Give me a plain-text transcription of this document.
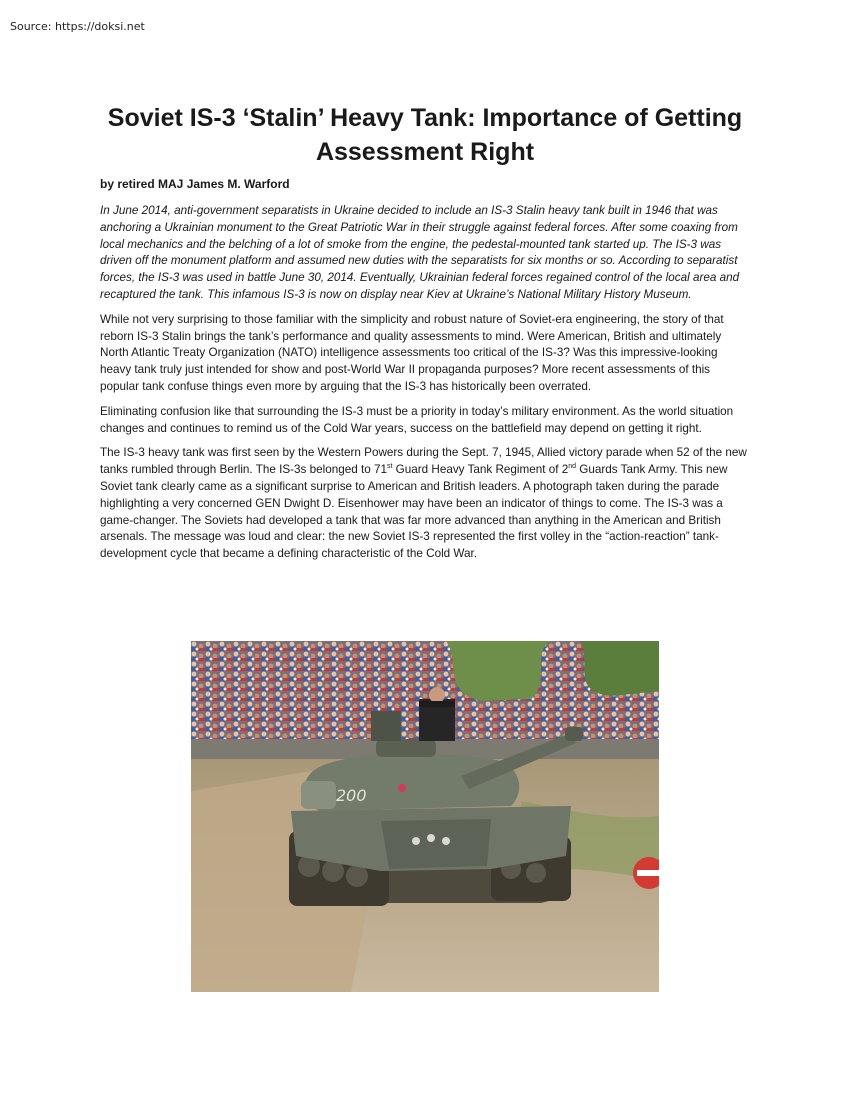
Source: https://doksi.net
Soviet IS-3 ‘Stalin’ Heavy Tank: Importance of Getting Assessment Right
by retired MAJ James M. Warford

In June 2014, anti-government separatists in Ukraine decided to include an IS-3 Stalin heavy tank built in 1946 that was anchoring a Ukrainian monument to the Great Patriotic War in their struggle against federal forces. After some coaxing from local mechanics and the belching of a lot of smoke from the engine, the pedestal-mounted tank started up. The IS-3 was driven off the monument platform and assumed new duties with the separatists for six months or so. According to separatist forces, the IS-3 was used in battle June 30, 2014. Eventually, Ukrainian federal forces regained control of the local area and recaptured the tank. This infamous IS-3 is now on display near Kiev at Ukraine’s National Military History Museum.

While not very surprising to those familiar with the simplicity and robust nature of Soviet-era engineering, the story of that reborn IS-3 Stalin brings the tank’s performance and quality assessments to mind. Were American, British and ultimately North Atlantic Treaty Organization (NATO) intelligence assessments too critical of the IS-3? Was this impressive-looking heavy tank truly just intended for show and post-World War II propaganda purposes? More recent assessments of this popular tank confuse things even more by arguing that the IS-3 has historically been overrated.

Eliminating confusion like that surrounding the IS-3 must be a priority in today’s military environment. As the world situation changes and continues to remind us of the Cold War years, success on the battlefield may depend on getting it right.

The IS-3 heavy tank was first seen by the Western Powers during the Sept. 7, 1945, Allied victory parade when 52 of the new tanks rumbled through Berlin. The IS-3s belonged to 71st Guard Heavy Tank Regiment of 2nd Guards Tank Army. This new Soviet tank clearly came as a significant surprise to American and British leaders. A photograph taken during the parade highlighting a very concerned GEN Dwight D. Eisenhower may have been an indicator of things to come. The IS-3 was a game-changer. The Soviets had developed a tank that was far more advanced than anything in the American and British arsenals. The message was loud and clear: the new Soviet IS-3 represented the first volley in the “action-reaction” tank-development cycle that became a defining characteristic of the Cold War.

200
